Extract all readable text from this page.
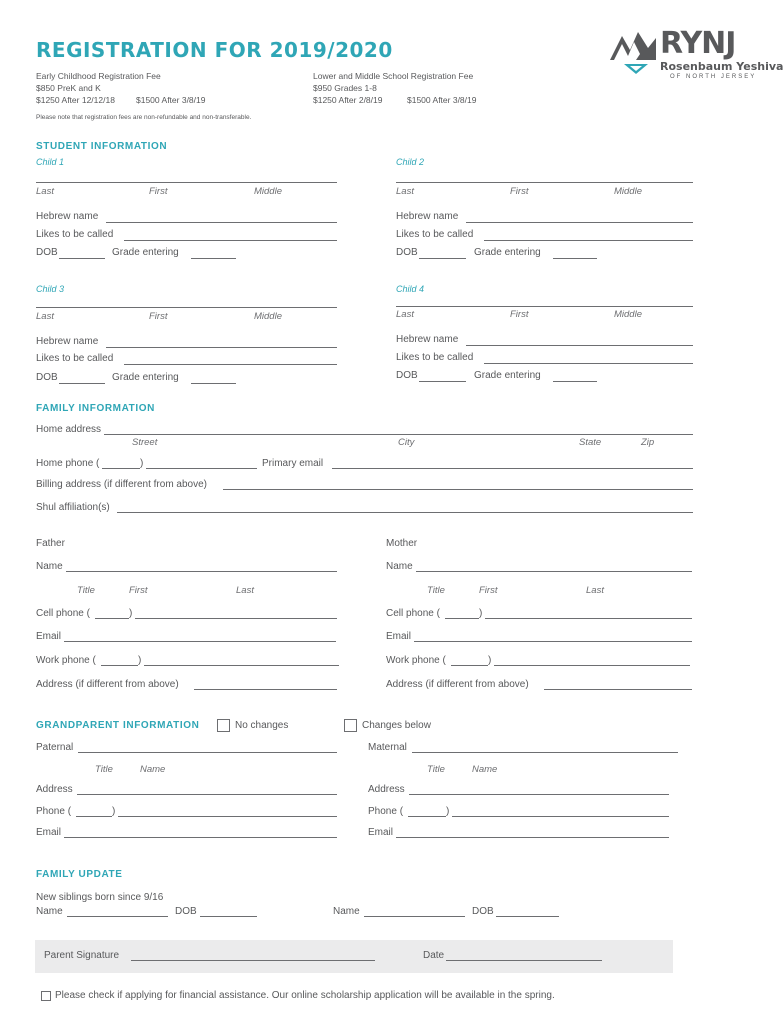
REGISTRATION FOR 2019/2020
Early Childhood Registration Fee
$850 PreK and K
$1250 After 12/12/18 $1500 After 3/8/19
Lower and Middle School Registration Fee
$950 Grades 1-8
$1250 After 2/8/19	$1500 After 3/8/19
Please note that registration fees are non-refundable and non-transferable.
RYNJ
Rosenbaum Yeshiva
OF NORTH JERSEY
STUDENT INFORMATION
Child 1
Last	First	Middle
Hebrew name
Likes to be called
DOB	Grade entering
Child 2
Last	First	Middle
Hebrew name
Likes to be called
DOB	Grade entering
Child 3
Last	First	Middle
Hebrew name
Likes to be called
DOB	Grade entering
Child 4
Last	First	Middle
Hebrew name
Likes to be called
DOB	Grade entering
FAMILY INFORMATION
Home address
Street	City	State	Zip
Home phone (	)	Primary email
Billing address (if different from above)
Shul affiliation(s)
Father
Name
Title	First	Last
Cell phone (	)
Email
Work phone (	)
Address (if different from above)
Mother
Name
Title	First	Last
Cell phone (	)
Email
Work phone (	)
Address (if different from above)
GRANDPARENT INFORMATION	No changes	Changes below
Paternal
Title	Name
Address
Phone (	)
Email
Maternal
Title	Name
Address
Phone (	)
Email
FAMILY UPDATE
New siblings born since 9/16
Name	DOB	Name	DOB
Parent Signature	Date
Please check if applying for financial assistance. Our online scholarship application will be available in the spring.
